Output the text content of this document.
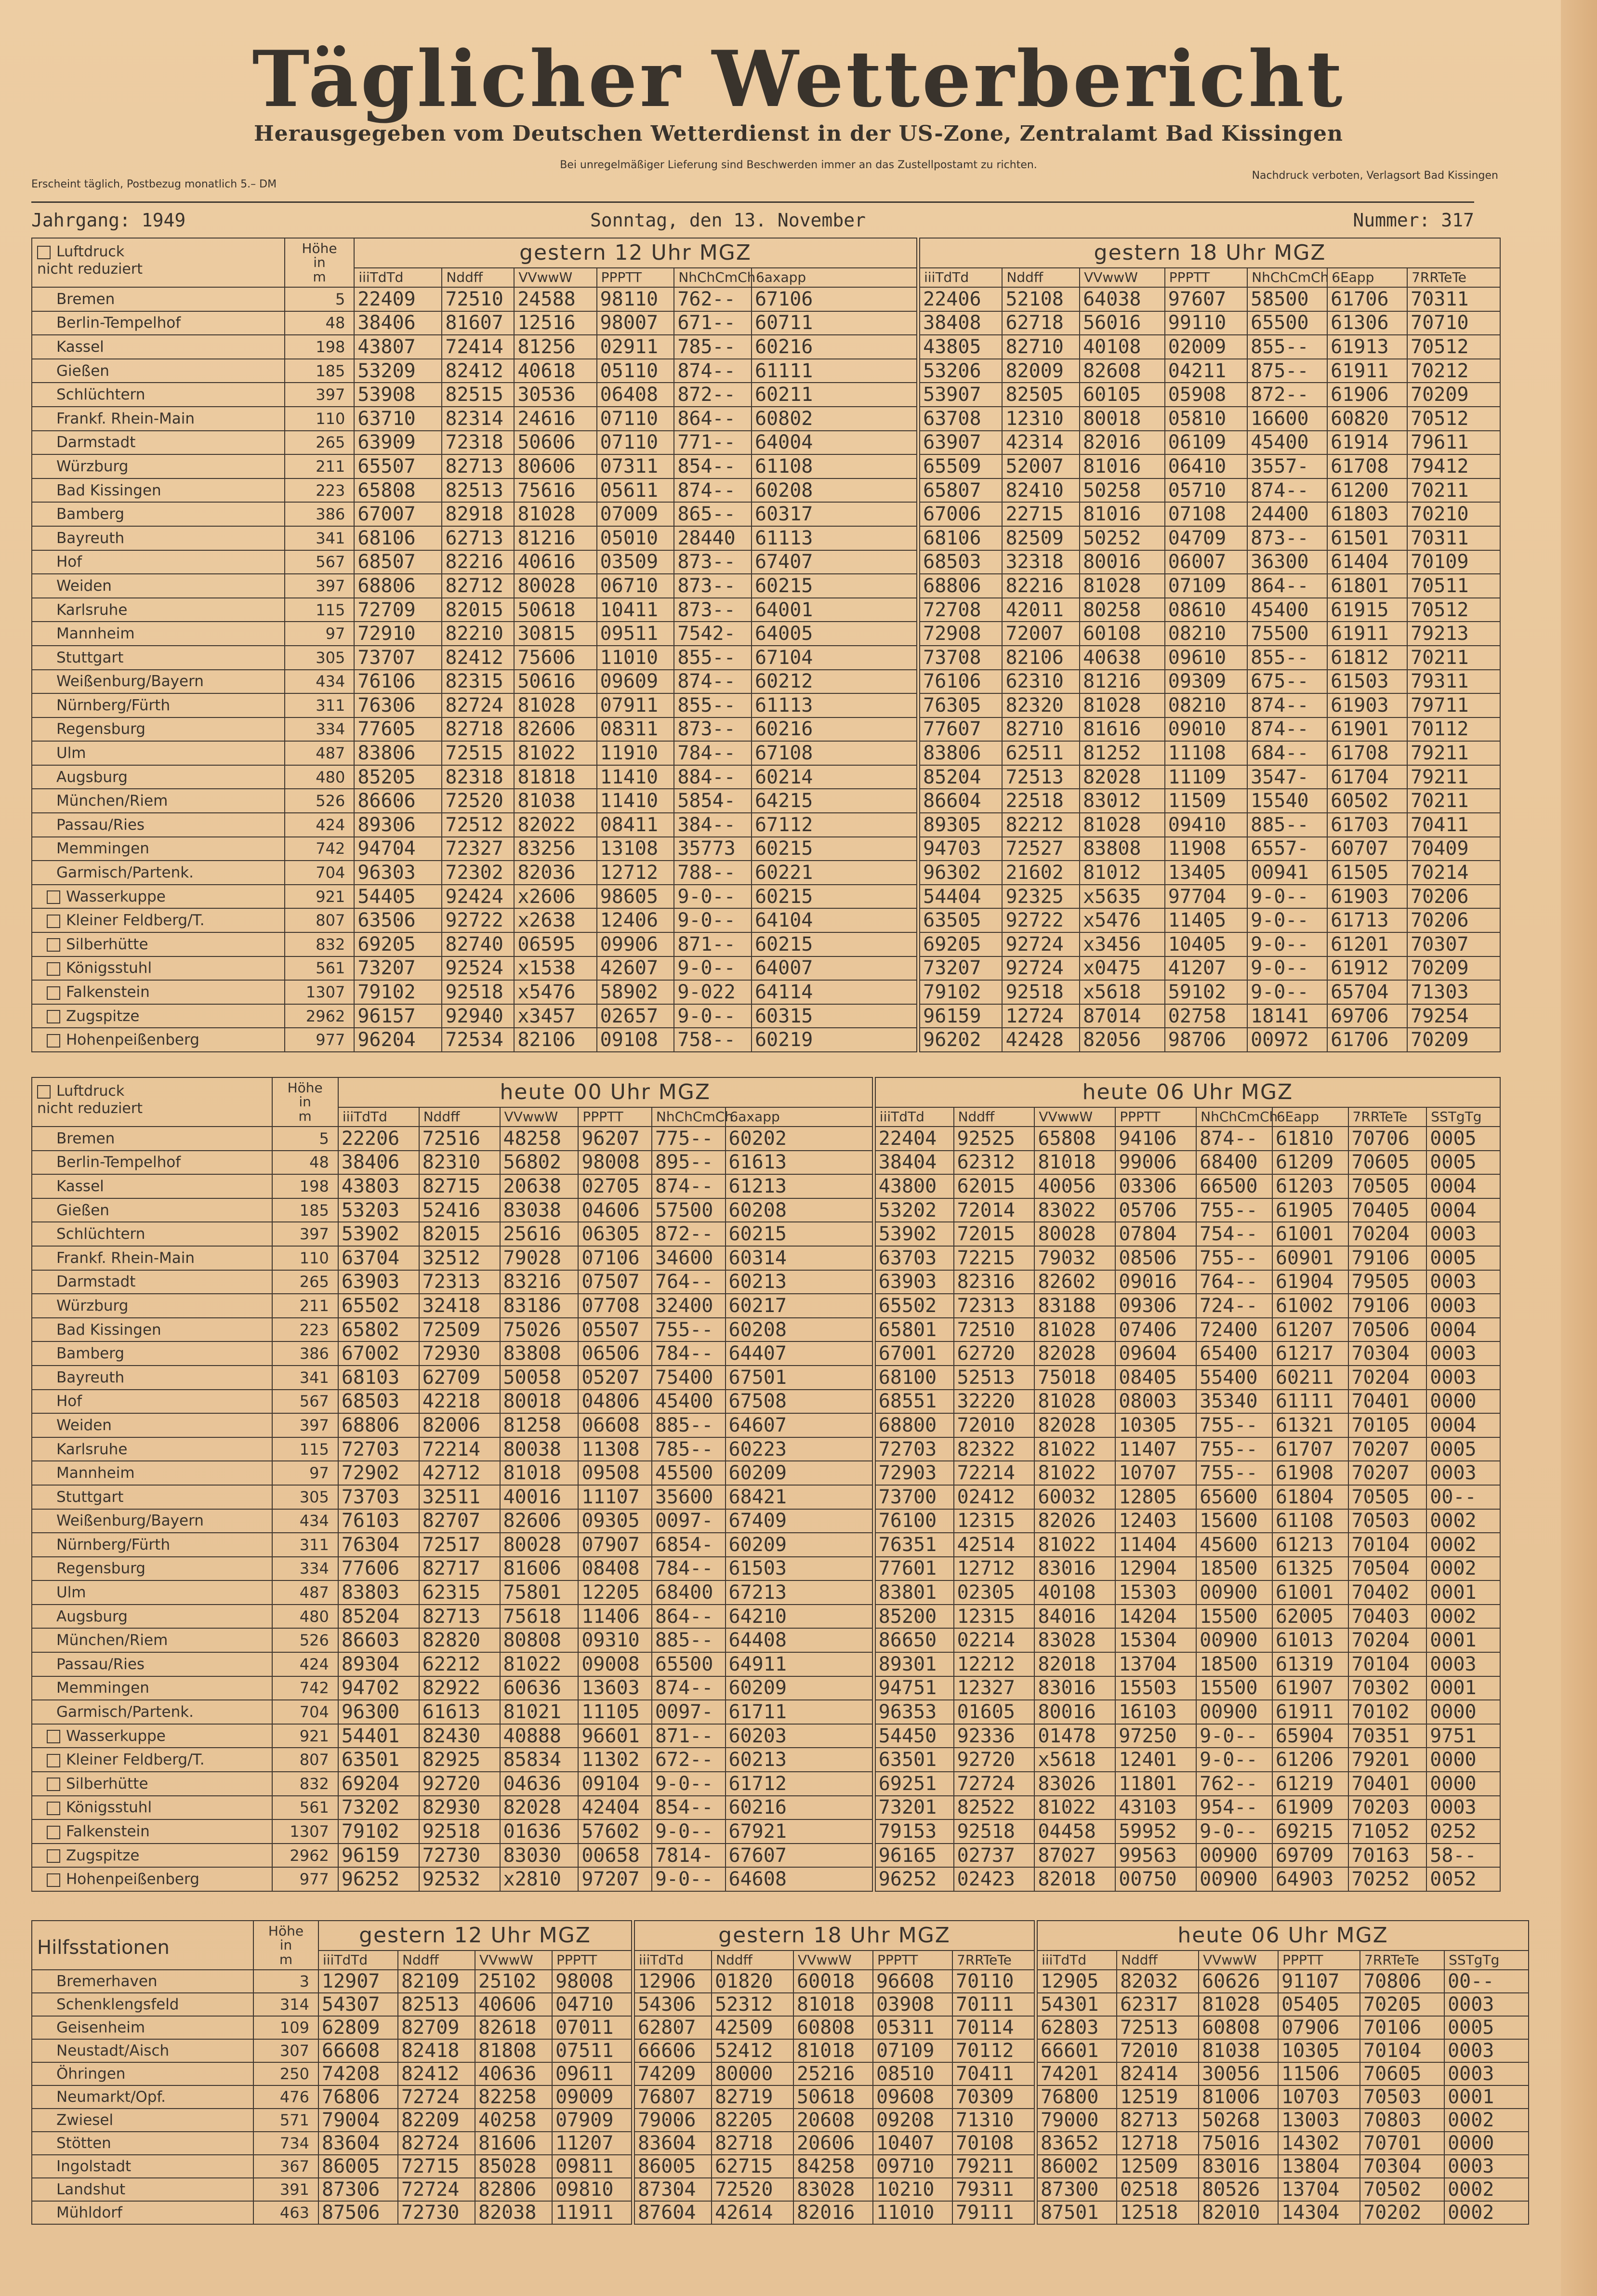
Täglicher Wetterbericht
Herausgegeben vom Deutschen Wetterdienst in der US-Zone, Zentralamt Bad Kissingen
Bei unregelmäßiger Lieferung sind Beschwerden immer an das Zustellpostamt zu richten.
Erscheint täglich, Postbezug monatlich 5.– DM
Nachdruck verboten, Verlagsort Bad Kissingen
Jahrgang: 1949	Sonntag, den 13. November	Nummer: 317
Luftdruck
nicht reduziert	Höhe
in
m	gestern 12 Uhr MGZ							gestern 18 Uhr MGZ						
		iiiTdTd	Nddff	VVwwW	PPPTT	NhChCmCh	6axapp		iiiTdTd	Nddff	VVwwW	PPPTT	NhChCmCh	6Eapp	7RRTeTe
Bremen	5	22409	72510	24588	98110	762--	67106		22406	52108	64038	97607	58500	61706	70311
Berlin-Tempelhof	48	38406	81607	12516	98007	671--	60711		38408	62718	56016	99110	65500	61306	70710
Kassel	198	43807	72414	81256	02911	785--	60216		43805	82710	40108	02009	855--	61913	70512
Gießen	185	53209	82412	40618	05110	874--	61111		53206	82009	82608	04211	875--	61911	70212
Schlüchtern	397	53908	82515	30536	06408	872--	60211		53907	82505	60105	05908	872--	61906	70209
Frankf. Rhein-Main	110	63710	82314	24616	07110	864--	60802		63708	12310	80018	05810	16600	60820	70512
Darmstadt	265	63909	72318	50606	07110	771--	64004		63907	42314	82016	06109	45400	61914	79611
Würzburg	211	65507	82713	80606	07311	854--	61108		65509	52007	81016	06410	3557-	61708	79412
Bad Kissingen	223	65808	82513	75616	05611	874--	60208		65807	82410	50258	05710	874--	61200	70211
Bamberg	386	67007	82918	81028	07009	865--	60317		67006	22715	81016	07108	24400	61803	70210
Bayreuth	341	68106	62713	81216	05010	28440	61113		68106	82509	50252	04709	873--	61501	70311
Hof	567	68507	82216	40616	03509	873--	67407		68503	32318	80016	06007	36300	61404	70109
Weiden	397	68806	82712	80028	06710	873--	60215		68806	82216	81028	07109	864--	61801	70511
Karlsruhe	115	72709	82015	50618	10411	873--	64001		72708	42011	80258	08610	45400	61915	70512
Mannheim	97	72910	82210	30815	09511	7542-	64005		72908	72007	60108	08210	75500	61911	79213
Stuttgart	305	73707	82412	75606	11010	855--	67104		73708	82106	40638	09610	855--	61812	70211
Weißenburg/Bayern	434	76106	82315	50616	09609	874--	60212		76106	62310	81216	09309	675--	61503	79311
Nürnberg/Fürth	311	76306	82724	81028	07911	855--	61113		76305	82320	81028	08210	874--	61903	79711
Regensburg	334	77605	82718	82606	08311	873--	60216		77607	82710	81616	09010	874--	61901	70112
Ulm	487	83806	72515	81022	11910	784--	67108		83806	62511	81252	11108	684--	61708	79211
Augsburg	480	85205	82318	81818	11410	884--	60214		85204	72513	82028	11109	3547-	61704	79211
München/Riem	526	86606	72520	81038	11410	5854-	64215		86604	22518	83012	11509	15540	60502	70211
Passau/Ries	424	89306	72512	82022	08411	384--	67112		89305	82212	81028	09410	885--	61703	70411
Memmingen	742	94704	72327	83256	13108	35773	60215		94703	72527	83808	11908	6557-	60707	70409
Garmisch/Partenk.	704	96303	72302	82036	12712	788--	60221		96302	21602	81012	13405	00941	61505	70214
Wasserkuppe	921	54405	92424	x2606	98605	9-0--	60215		54404	92325	x5635	97704	9-0--	61903	70206
Kleiner Feldberg/T.	807	63506	92722	x2638	12406	9-0--	64104		63505	92722	x5476	11405	9-0--	61713	70206
Silberhütte	832	69205	82740	06595	09906	871--	60215		69205	92724	x3456	10405	9-0--	61201	70307
Königsstuhl	561	73207	92524	x1538	42607	9-0--	64007		73207	92724	x0475	41207	9-0--	61912	70209
Falkenstein	1307	79102	92518	x5476	58902	9-022	64114		79102	92518	x5618	59102	9-0--	65704	71303
Zugspitze	2962	96157	92940	x3457	02657	9-0--	60315		96159	12724	87014	02758	18141	69706	79254
Hohenpeißenberg	977	96204	72534	82106	09108	758--	60219		96202	42428	82056	98706	00972	61706	70209
Luftdruck
nicht reduziert	Höhe
in
m	heute 00 Uhr MGZ							heute 06 Uhr MGZ							
		iiiTdTd	Nddff	VVwwW	PPPTT	NhChCmCh	6axapp		iiiTdTd	Nddff	VVwwW	PPPTT	NhChCmCh	6Eapp	7RRTeTe	SSTgTg
Bremen	5	22206	72516	48258	96207	775--	60202		22404	92525	65808	94106	874--	61810	70706	0005
Berlin-Tempelhof	48	38406	82310	56802	98008	895--	61613		38404	62312	81018	99006	68400	61209	70605	0005
Kassel	198	43803	82715	20638	02705	874--	61213		43800	62015	40056	03306	66500	61203	70505	0004
Gießen	185	53203	52416	83038	04606	57500	60208		53202	72014	83022	05706	755--	61905	70405	0004
Schlüchtern	397	53902	82015	25616	06305	872--	60215		53902	72015	80028	07804	754--	61001	70204	0003
Frankf. Rhein-Main	110	63704	32512	79028	07106	34600	60314		63703	72215	79032	08506	755--	60901	79106	0005
Darmstadt	265	63903	72313	83216	07507	764--	60213		63903	82316	82602	09016	764--	61904	79505	0003
Würzburg	211	65502	32418	83186	07708	32400	60217		65502	72313	83188	09306	724--	61002	79106	0003
Bad Kissingen	223	65802	72509	75026	05507	755--	60208		65801	72510	81028	07406	72400	61207	70506	0004
Bamberg	386	67002	72930	83808	06506	784--	64407		67001	62720	82028	09604	65400	61217	70304	0003
Bayreuth	341	68103	62709	50058	05207	75400	67501		68100	52513	75018	08405	55400	60211	70204	0003
Hof	567	68503	42218	80018	04806	45400	67508		68551	32220	81028	08003	35340	61111	70401	0000
Weiden	397	68806	82006	81258	06608	885--	64607		68800	72010	82028	10305	755--	61321	70105	0004
Karlsruhe	115	72703	72214	80038	11308	785--	60223		72703	82322	81022	11407	755--	61707	70207	0005
Mannheim	97	72902	42712	81018	09508	45500	60209		72903	72214	81022	10707	755--	61908	70207	0003
Stuttgart	305	73703	32511	40016	11107	35600	68421		73700	02412	60032	12805	65600	61804	70505	00--
Weißenburg/Bayern	434	76103	82707	82606	09305	0097-	67409		76100	12315	82026	12403	15600	61108	70503	0002
Nürnberg/Fürth	311	76304	72517	80028	07907	6854-	60209		76351	42514	81022	11404	45600	61213	70104	0002
Regensburg	334	77606	82717	81606	08408	784--	61503		77601	12712	83016	12904	18500	61325	70504	0002
Ulm	487	83803	62315	75801	12205	68400	67213		83801	02305	40108	15303	00900	61001	70402	0001
Augsburg	480	85204	82713	75618	11406	864--	64210		85200	12315	84016	14204	15500	62005	70403	0002
München/Riem	526	86603	82820	80808	09310	885--	64408		86650	02214	83028	15304	00900	61013	70204	0001
Passau/Ries	424	89304	62212	81022	09008	65500	64911		89301	12212	82018	13704	18500	61319	70104	0003
Memmingen	742	94702	82922	60636	13603	874--	60209		94751	12327	83016	15503	15500	61907	70302	0001
Garmisch/Partenk.	704	96300	61613	81021	11105	0097-	61711		96353	01605	80016	16103	00900	61911	70102	0000
Wasserkuppe	921	54401	82430	40888	96601	871--	60203		54450	92336	01478	97250	9-0--	65904	70351	9751
Kleiner Feldberg/T.	807	63501	82925	85834	11302	672--	60213		63501	92720	x5618	12401	9-0--	61206	79201	0000
Silberhütte	832	69204	92720	04636	09104	9-0--	61712		69251	72724	83026	11801	762--	61219	70401	0000
Königsstuhl	561	73202	82930	82028	42404	854--	60216		73201	82522	81022	43103	954--	61909	70203	0003
Falkenstein	1307	79102	92518	01636	57602	9-0--	67921		79153	92518	04458	59952	9-0--	69215	71052	0252
Zugspitze	2962	96159	72730	83030	00658	7814-	67607		96165	02737	87027	99563	00900	69709	70163	58--
Hohenpeißenberg	977	96252	92532	x2810	97207	9-0--	64608		96252	02423	82018	00750	00900	64903	70252	0052
Hilfsstationen	Höhe
in
m	gestern 12 Uhr MGZ					gestern 18 Uhr MGZ						heute 06 Uhr MGZ					
		iiiTdTd	Nddff	VVwwW	PPPTT		iiiTdTd	Nddff	VVwwW	PPPTT	7RRTeTe		iiiTdTd	Nddff	VVwwW	PPPTT	7RRTeTe	SSTgTg
Bremerhaven	3	12907	82109	25102	98008		12906	01820	60018	96608	70110		12905	82032	60626	91107	70806	00--
Schenklengsfeld	314	54307	82513	40606	04710		54306	52312	81018	03908	70111		54301	62317	81028	05405	70205	0003
Geisenheim	109	62809	82709	82618	07011		62807	42509	60808	05311	70114		62803	72513	60808	07906	70106	0005
Neustadt/Aisch	307	66608	82418	81808	07511		66606	52412	81018	07109	70112		66601	72010	81038	10305	70104	0003
Öhringen	250	74208	82412	40636	09611		74209	80000	25216	08510	70411		74201	82414	30056	11506	70605	0003
Neumarkt/Opf.	476	76806	72724	82258	09009		76807	82719	50618	09608	70309		76800	12519	81006	10703	70503	0001
Zwiesel	571	79004	82209	40258	07909		79006	82205	20608	09208	71310		79000	82713	50268	13003	70803	0002
Stötten	734	83604	82724	81606	11207		83604	82718	20606	10407	70108		83652	12718	75016	14302	70701	0000
Ingolstadt	367	86005	72715	85028	09811		86005	62715	84258	09710	79211		86002	12509	83016	13804	70304	0003
Landshut	391	87306	72724	82806	09810		87304	72520	83028	10210	79311		87300	02518	80526	13704	70502	0002
Mühldorf	463	87506	72730	82038	11911		87604	42614	82016	11010	79111		87501	12518	82010	14304	70202	0002
